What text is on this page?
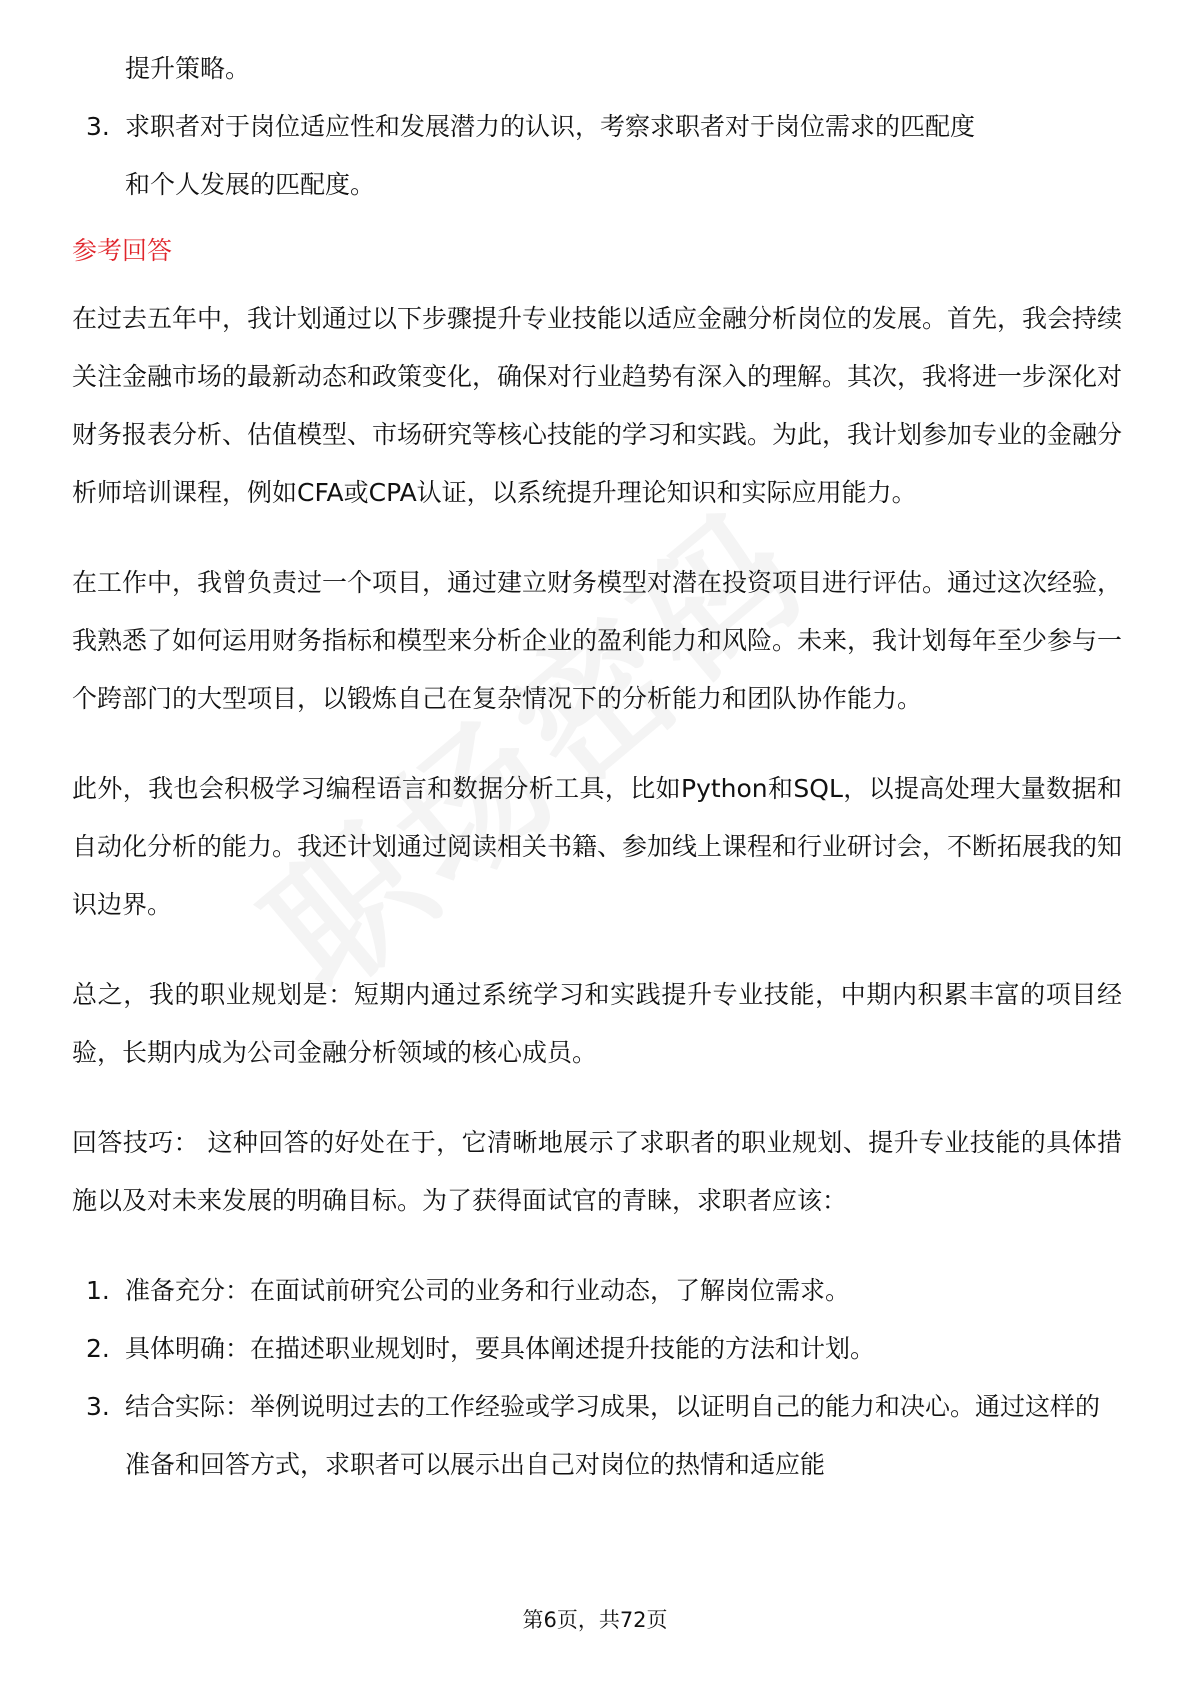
提升策略。
3. 求职者对于岗位适应性和发展潜力的认识，考察求职者对于岗位需求的匹配度
和个人发展的匹配度。
参考回答

在过去五年中，我计划通过以下步骤提升专业技能以适应金融分析岗位的发展。首先，我会持续关注金融市场的最新动态和政策变化，确保对行业趋势有深入的理解。其次，我将进一步深化对财务报表分析、估值模型、市场研究等核心技能的学习和实践。为此，我计划参加专业的金融分析师培训课程，例如CFA或CPA认证，以系统提升理论知识和实际应用能力。

在工作中，我曾负责过一个项目，通过建立财务模型对潜在投资项目进行评估。通过这次经验，我熟悉了如何运用财务指标和模型来分析企业的盈利能力和风险。未来，我计划每年至少参与一个跨部门的大型项目，以锻炼自己在复杂情况下的分析能力和团队协作能力。

此外，我也会积极学习编程语言和数据分析工具，比如Python和SQL，以提高处理大量数据和自动化分析的能力。我还计划通过阅读相关书籍、参加线上课程和行业研讨会，不断拓展我的知识边界。

总之，我的职业规划是：短期内通过系统学习和实践提升专业技能，中期内积累丰富的项目经验，长期内成为公司金融分析领域的核心成员。

回答技巧： 这种回答的好处在于，它清晰地展示了求职者的职业规划、提升专业技能的具体措施以及对未来发展的明确目标。为了获得面试官的青睐，求职者应该：

1. 准备充分：在面试前研究公司的业务和行业动态，了解岗位需求。
2. 具体明确：在描述职业规划时，要具体阐述提升技能的方法和计划。
3. 结合实际：举例说明过去的工作经验或学习成果，以证明自己的能力和决心。通过这样的准备和回答方式，求职者可以展示出自己对岗位的热情和适应能
第6页，共72页
